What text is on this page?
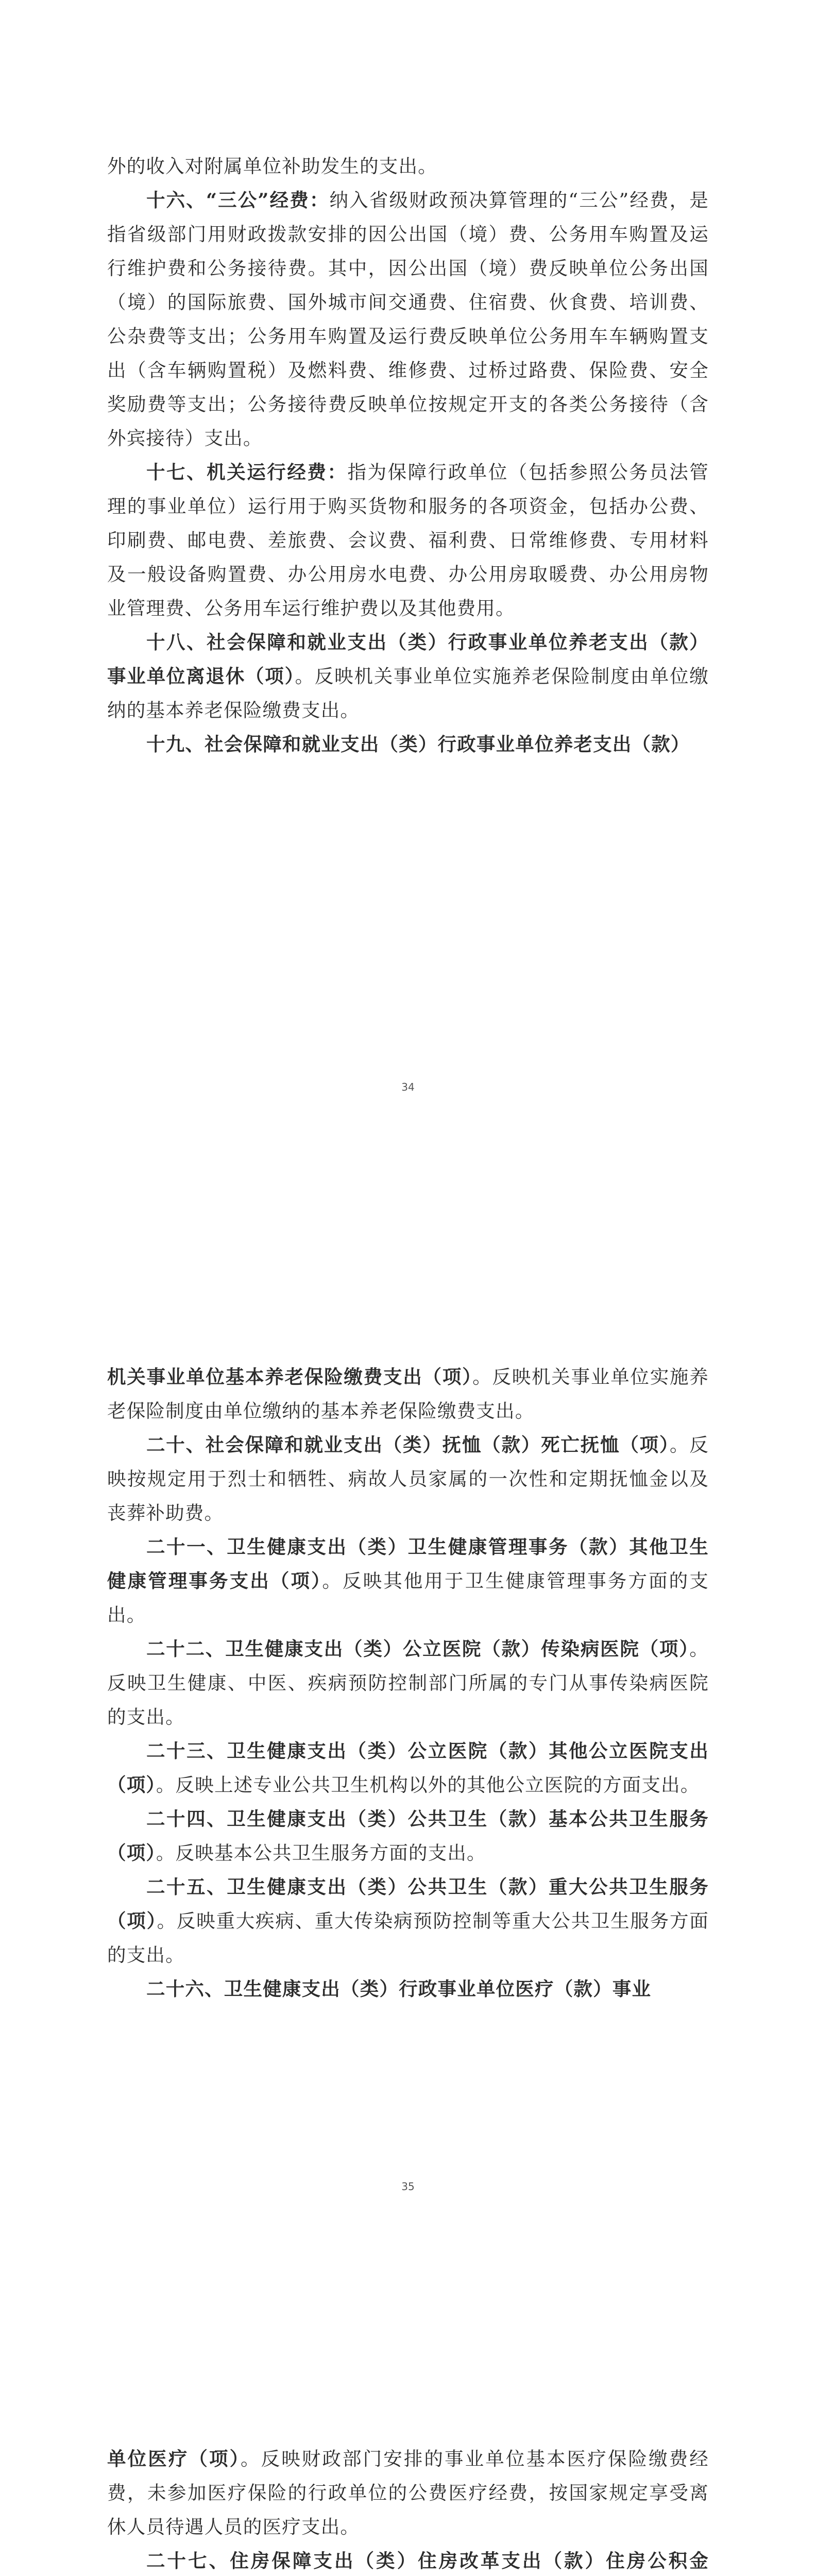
外的收入对附属单位补助发生的支出。

十六、“三公”经费：纳入省级财政预决算管理的“三公”经费，是指省级部门用财政拨款安排的因公出国（境）费、公务用车购置及运行维护费和公务接待费。其中，因公出国（境）费反映单位公务出国（境）的国际旅费、国外城市间交通费、住宿费、伙食费、培训费、公杂费等支出；公务用车购置及运行费反映单位公务用车车辆购置支出（含车辆购置税）及燃料费、维修费、过桥过路费、保险费、安全奖励费等支出；公务接待费反映单位按规定开支的各类公务接待（含外宾接待）支出。

十七、机关运行经费：指为保障行政单位（包括参照公务员法管理的事业单位）运行用于购买货物和服务的各项资金，包括办公费、印刷费、邮电费、差旅费、会议费、福利费、日常维修费、专用材料及一般设备购置费、办公用房水电费、办公用房取暖费、办公用房物业管理费、公务用车运行维护费以及其他费用。

十八、社会保障和就业支出（类）行政事业单位养老支出（款）事业单位离退休（项）。反映机关事业单位实施养老保险制度由单位缴纳的基本养老保险缴费支出。

十九、社会保障和就业支出（类）行政事业单位养老支出（款）

34

机关事业单位基本养老保险缴费支出（项）。反映机关事业单位实施养老保险制度由单位缴纳的基本养老保险缴费支出。

二十、社会保障和就业支出（类）抚恤（款）死亡抚恤（项）。反映按规定用于烈士和牺牲、病故人员家属的一次性和定期抚恤金以及丧葬补助费。

二十一、卫生健康支出（类）卫生健康管理事务（款）其他卫生健康管理事务支出（项）。反映其他用于卫生健康管理事务方面的支出。

二十二、卫生健康支出（类）公立医院（款）传染病医院（项）。反映卫生健康、中医、疾病预防控制部门所属的专门从事传染病医院的支出。

二十三、卫生健康支出（类）公立医院（款）其他公立医院支出（项）。反映上述专业公共卫生机构以外的其他公立医院的方面支出。

二十四、卫生健康支出（类）公共卫生（款）基本公共卫生服务（项）。反映基本公共卫生服务方面的支出。

二十五、卫生健康支出（类）公共卫生（款）重大公共卫生服务（项）。反映重大疾病、重大传染病预防控制等重大公共卫生服务方面的支出。

二十六、卫生健康支出（类）行政事业单位医疗（款）事业

35

单位医疗（项）。反映财政部门安排的事业单位基本医疗保险缴费经费，未参加医疗保险的行政单位的公费医疗经费，按国家规定享受离休人员待遇人员的医疗支出。

二十七、住房保障支出（类）住房改革支出（款）住房公积金
